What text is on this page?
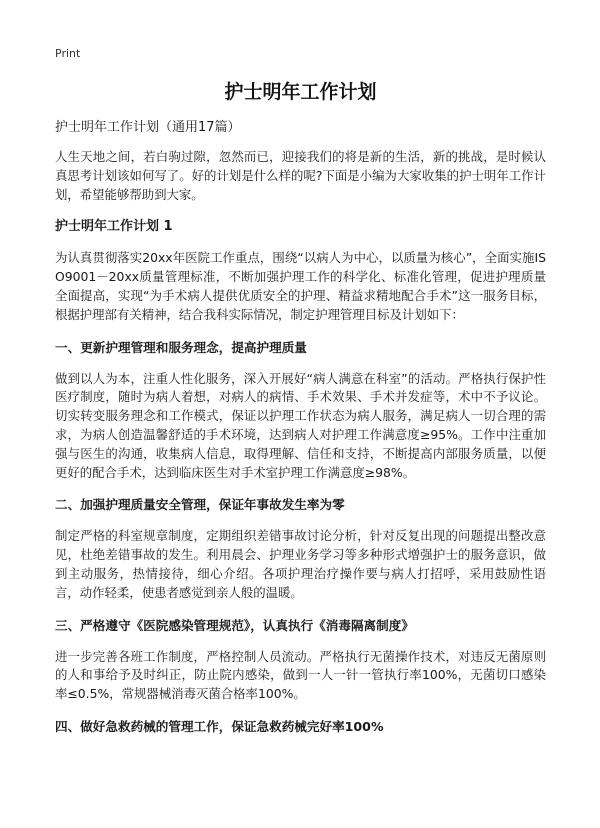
Print
护士明年工作计划
护士明年工作计划（通用17篇）

人生天地之间，若白驹过隙，忽然而已，迎接我们的将是新的生活，新的挑战，是时候认真思考计划该如何写了。好的计划是什么样的呢?下面是小编为大家收集的护士明年工作计划，希望能够帮助到大家。

护士明年工作计划 1

为认真贯彻落实20xx年医院工作重点，围绕“以病人为中心，以质量为核心”，全面实施ISO9001－20xx质量管理标准，不断加强护理工作的科学化、标准化管理，促进护理质量全面提高，实现“为手术病人提供优质安全的护理、精益求精地配合手术”这一服务目标，根据护理部有关精神，结合我科实际情况，制定护理管理目标及计划如下：

一、更新护理管理和服务理念，提高护理质量

做到以人为本，注重人性化服务，深入开展好“病人满意在科室”的活动。严格执行保护性医疗制度，随时为病人着想，对病人的病情、手术效果、手术并发症等，术中不予议论。切实转变服务理念和工作模式，保证以护理工作状态为病人服务，满足病人一切合理的需求，为病人创造温馨舒适的手术环境，达到病人对护理工作满意度≥95%。工作中注重加强与医生的沟通，收集病人信息，取得理解、信任和支持，不断提高内部服务质量，以便更好的配合手术，达到临床医生对手术室护理工作满意度≥98%。

二、加强护理质量安全管理，保证年事故发生率为零

制定严格的科室规章制度，定期组织差错事故讨论分析，针对反复出现的问题提出整改意见，杜绝差错事故的发生。利用晨会、护理业务学习等多种形式增强护士的服务意识，做到主动服务，热情接待，细心介绍。各项护理治疗操作要与病人打招呼，采用鼓励性语言，动作轻柔，使患者感觉到亲人般的温暖。

三、严格遵守《医院感染管理规范》，认真执行《消毒隔离制度》

进一步完善各班工作制度，严格控制人员流动。严格执行无菌操作技术，对违反无菌原则的人和事给予及时纠正，防止院内感染，做到一人一针一管执行率100%，无菌切口感染率≤0.5%，常规器械消毒灭菌合格率100%。

四、做好急救药械的管理工作，保证急救药械完好率100%
